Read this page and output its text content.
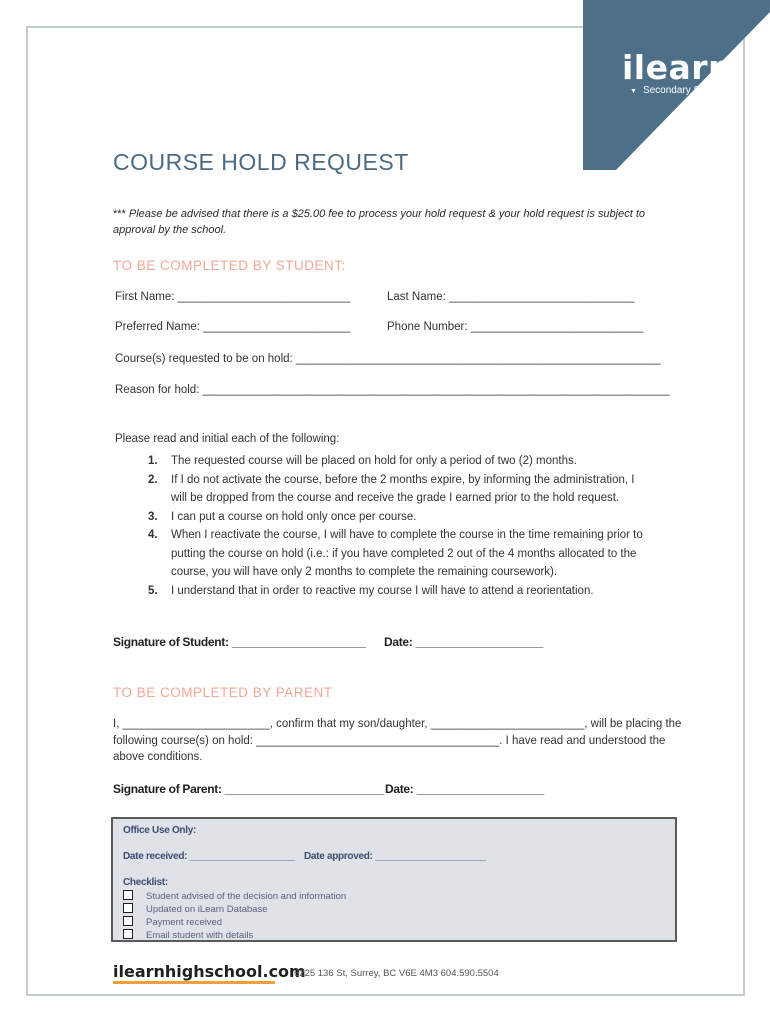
ilearn
▼ Secondary School
COURSE HOLD REQUEST
*** Please be advised that there is a $25.00 fee to process your hold request & your hold request is subject to approval by the school.
TO BE COMPLETED BY STUDENT:
First Name: ___________________________	Last Name: _____________________________
Preferred Name: _______________________	Phone Number: ___________________________
Course(s) requested to be on hold: _________________________________________________________
Reason for hold: _________________________________________________________________________
Please read and initial each of the following:
1. The requested course will be placed on hold for only a period of two (2) months.
2. If I do not activate the course, before the 2 months expire, by informing the administration, I will be dropped from the course and receive the grade I earned prior to the hold request.
3. I can put a course on hold only once per course.
4. When I reactivate the course, I will have to complete the course in the time remaining prior to putting the course on hold (i.e.: if you have completed 2 out of the 4 months allocated to the course, you will have only 2 months to complete the remaining coursework).
5. I understand that in order to reactive my course I will have to attend a reorientation.
Signature of Student: _____________________ Date: ____________________
TO BE COMPLETED BY PARENT
I, _______________________, confirm that my son/daughter, ________________________, will be placing the following course(s) on hold: ______________________________________. I have read and understood the above conditions.
Signature of Parent: _________________________ Date: ____________________
Office Use Only:
Date received: ____________________ Date approved: _____________________
Checklist:
Student advised of the decision and information
Updated on iLearn Database
Payment received
Email student with details
ilearnhighschool.com
6225 136 St, Surrey, BC V6E 4M3 604.590.5504
